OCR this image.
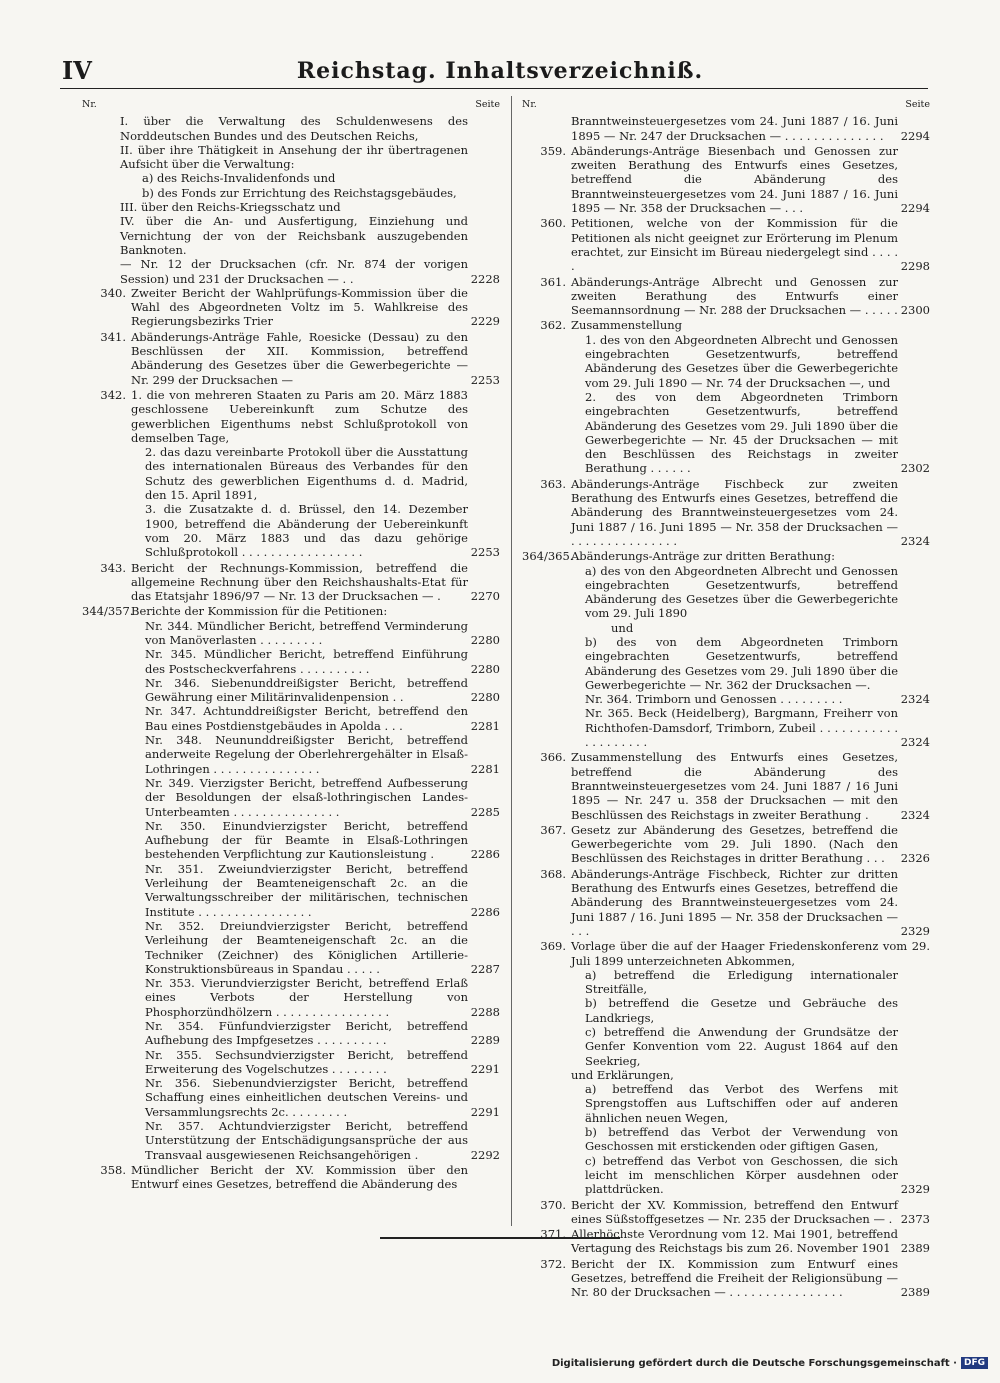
IV	Reichstag. Inhaltsverzeichniß.
Nr.	Seite
I. über die Verwaltung des Schuldenwesens des Norddeutschen Bundes und des Deutschen Reichs,
II. über ihre Thätigkeit in Ansehung der ihr übertragenen Aufsicht über die Verwaltung:
a) des Reichs-Invalidenfonds und
b) des Fonds zur Errichtung des Reichstagsgebäudes,
III. über den Reichs-Kriegsschatz und
IV. über die An- und Ausfertigung, Einziehung und Vernichtung der von der Reichsbank auszugebenden Banknoten.
— Nr. 12 der Drucksachen (cfr. Nr. 874 der vorigen Session) und 231 der Drucksachen — . .	2228
340. Zweiter Bericht der Wahlprüfungs-Kommission über die Wahl des Abgeordneten Voltz im 5. Wahlkreise des Regierungsbezirks Trier	2229
341. Abänderungs-Anträge Fahle, Roesicke (Dessau) zu den Beschlüssen der XII. Kommission, betreffend Abänderung des Gesetzes über die Gewerbegerichte — Nr. 299 der Drucksachen —	2253
342. 1. die von mehreren Staaten zu Paris am 20. März 1883 geschlossene Uebereinkunft zum Schutze des gewerblichen Eigenthums nebst Schlußprotokoll von demselben Tage,
2. das dazu vereinbarte Protokoll über die Ausstattung des internationalen Büreaus des Verbandes für den Schutz des gewerblichen Eigenthums d. d. Madrid, den 15. April 1891,
3. die Zusatzakte d. d. Brüssel, den 14. Dezember 1900, betreffend die Abänderung der Uebereinkunft vom 20. März 1883 und das dazu gehörige Schlußprotokoll . . . . . . . . . . . . . . . . .	2253
343. Bericht der Rechnungs-Kommission, betreffend die allgemeine Rechnung über den Reichshaushalts-Etat für das Etatsjahr 1896/97 — Nr. 13 der Drucksachen — .	2270
344/357.
Berichte der Kommission für die Petitionen:
Nr. 344. Mündlicher Bericht, betreffend Verminderung von Manöverlasten . . . . . . . . .	2280
Nr. 345. Mündlicher Bericht, betreffend Einführung des Postscheckverfahrens . . . . . . . . . .	2280
Nr. 346. Siebenunddreißigster Bericht, betreffend Gewährung einer Militärinvalidenpension . .	2280
Nr. 347. Achtunddreißigster Bericht, betreffend den Bau eines Postdienstgebäudes in Apolda . . .	2281
Nr. 348. Neununddreißigster Bericht, betreffend anderweite Regelung der Oberlehrergehälter in Elsaß-Lothringen . . . . . . . . . . . . . . .	2281
Nr. 349. Vierzigster Bericht, betreffend Aufbesserung der Besoldungen der elsaß-lothringischen Landes-Unterbeamten . . . . . . . . . . . . . . .	2285
Nr. 350. Einundvierzigster Bericht, betreffend Aufhebung der für Beamte in Elsaß-Lothringen bestehenden Verpflichtung zur Kautionsleistung .	2286
Nr. 351. Zweiundvierzigster Bericht, betreffend Verleihung der Beamteneigenschaft 2c. an die Verwaltungsschreiber der militärischen, technischen Institute . . . . . . . . . . . . . . . .	2286
Nr. 352. Dreiundvierzigster Bericht, betreffend Verleihung der Beamteneigenschaft 2c. an die Techniker (Zeichner) des Königlichen Artillerie-Konstruktionsbüreaus in Spandau . . . . .	2287
Nr. 353. Vierundvierzigster Bericht, betreffend Erlaß eines Verbots der Herstellung von Phosphorzündhölzern . . . . . . . . . . . . . . . .	2288
Nr. 354. Fünfundvierzigster Bericht, betreffend Aufhebung des Impfgesetzes . . . . . . . . . .	2289
Nr. 355. Sechsundvierzigster Bericht, betreffend Erweiterung des Vogelschutzes . . . . . . . .	2291
Nr. 356. Siebenundvierzigster Bericht, betreffend Schaffung eines einheitlichen deutschen Vereins- und Versammlungsrechts 2c. . . . . . . . .	2291
Nr. 357. Achtundvierzigster Bericht, betreffend Unterstützung der Entschädigungsansprüche der aus Transvaal ausgewiesenen Reichsangehörigen .	2292
358. Mündlicher Bericht der XV. Kommission über den Entwurf eines Gesetzes, betreffend die Abänderung des
Nr.	Seite
Branntweinsteuergesetzes vom 24. Juni 1887 / 16. Juni 1895 — Nr. 247 der Drucksachen — . . . . . . . . . . . . . .	2294
359. Abänderungs-Anträge Biesenbach und Genossen zur zweiten Berathung des Entwurfs eines Gesetzes, betreffend die Abänderung des Branntweinsteuergesetzes vom 24. Juni 1887 / 16. Juni 1895 — Nr. 358 der Drucksachen — . . .	2294
360. Petitionen, welche von der Kommission für die Petitionen als nicht geeignet zur Erörterung im Plenum erachtet, zur Einsicht im Büreau niedergelegt sind . . . . .	2298
361. Abänderungs-Anträge Albrecht und Genossen zur zweiten Berathung des Entwurfs einer Seemannsordnung — Nr. 288 der Drucksachen — . . . . . 2300
362. Zusammenstellung
1. des von den Abgeordneten Albrecht und Genossen eingebrachten Gesetzentwurfs, betreffend Abänderung des Gesetzes über die Gewerbegerichte vom 29. Juli 1890 — Nr. 74 der Drucksachen —, und
2. des von dem Abgeordneten Trimborn eingebrachten Gesetzentwurfs, betreffend Abänderung des Gesetzes vom 29. Juli 1890 über die Gewerbegerichte — Nr. 45 der Drucksachen — mit den Beschlüssen des Reichstags in zweiter Berathung . . . . . .	2302
363. Abänderungs-Anträge Fischbeck zur zweiten Berathung des Entwurfs eines Gesetzes, betreffend die Abänderung des Branntweinsteuergesetzes vom 24. Juni 1887 / 16. Juni 1895 — Nr. 358 der Drucksachen — . . . . . . . . . . . . . . .	2324
364/365.
Abänderungs-Anträge zur dritten Berathung:
a) des von den Abgeordneten Albrecht und Genossen eingebrachten Gesetzentwurfs, betreffend Abänderung des Gesetzes über die Gewerbegerichte vom 29. Juli 1890
und
b) des von dem Abgeordneten Trimborn eingebrachten Gesetzentwurfs, betreffend Abänderung des Gesetzes vom 29. Juli 1890 über die Gewerbegerichte — Nr. 362 der Drucksachen —.
Nr. 364. Trimborn und Genossen . . . . . . . . .	2324
Nr. 365. Beck (Heidelberg), Bargmann, Freiherr von Richthofen-Damsdorf, Trimborn, Zubeil . . . . . . . . . . . . . . . . . . . .	2324
366. Zusammenstellung des Entwurfs eines Gesetzes, betreffend die Abänderung des Branntweinsteuergesetzes vom 24. Juni 1887 / 16 Juni 1895 — Nr. 247 u. 358 der Drucksachen — mit den Beschlüssen des Reichstags in zweiter Berathung .	2324
367. Gesetz zur Abänderung des Gesetzes, betreffend die Gewerbegerichte vom 29. Juli 1890. (Nach den Beschlüssen des Reichstages in dritter Berathung . . .	2326
368. Abänderungs-Anträge Fischbeck, Richter zur dritten Berathung des Entwurfs eines Gesetzes, betreffend die Abänderung des Branntweinsteuergesetzes vom 24. Juni 1887 / 16. Juni 1895 — Nr. 358 der Drucksachen — . . .	2329
369. Vorlage über die auf der Haager Friedenskonferenz vom 29. Juli 1899 unterzeichneten Abkommen,
a) betreffend die Erledigung internationaler Streitfälle,
b) betreffend die Gesetze und Gebräuche des Landkriegs,
c) betreffend die Anwendung der Grundsätze der Genfer Konvention vom 22. August 1864 auf den Seekrieg,
und Erklärungen,
a) betreffend das Verbot des Werfens mit Sprengstoffen aus Luftschiffen oder auf anderen ähnlichen neuen Wegen,
b) betreffend das Verbot der Verwendung von Geschossen mit erstickenden oder giftigen Gasen,
c) betreffend das Verbot von Geschossen, die sich leicht im menschlichen Körper ausdehnen oder plattdrücken.	2329
370. Bericht der XV. Kommission, betreffend den Entwurf eines Süßstoffgesetzes — Nr. 235 der Drucksachen — . 2373
371. Allerhöchste Verordnung vom 12. Mai 1901, betreffend Vertagung des Reichstags bis zum 26. November 1901 2389
372. Bericht der IX. Kommission zum Entwurf eines Gesetzes, betreffend die Freiheit der Religionsübung — Nr. 80 der Drucksachen — . . . . . . . . . . . . . . . .	2389
Digitalisierung gefördert durch die Deutsche Forschungsgemeinschaft · DFG
